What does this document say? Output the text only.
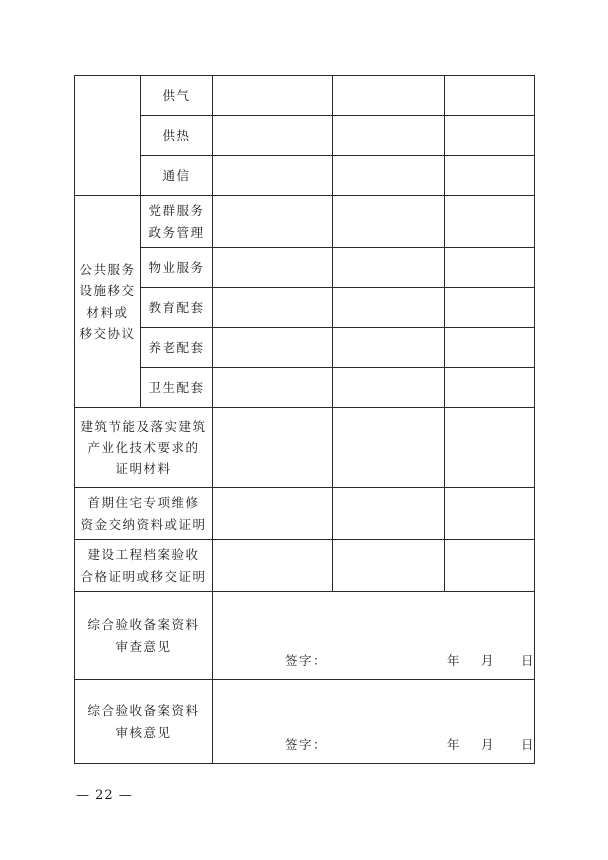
	供气			
	供热			
	通信			

公共服务
设施移交
材料或
移交协议	党群服务
政务管理			

	物业服务			
	教育配套			
	养老配套			
	卫生配套			

建筑节能及落实建筑
产业化技术要求的
证明材料				

首期住宅专项维修
资金交纳资料或证明				

建设工程档案验收
合格证明或移交证明				

综合验收备案资料
审查意见		签字： 年 月 日		

综合验收备案资料
审核意见		签字： 年 月 日		
— 22 —
